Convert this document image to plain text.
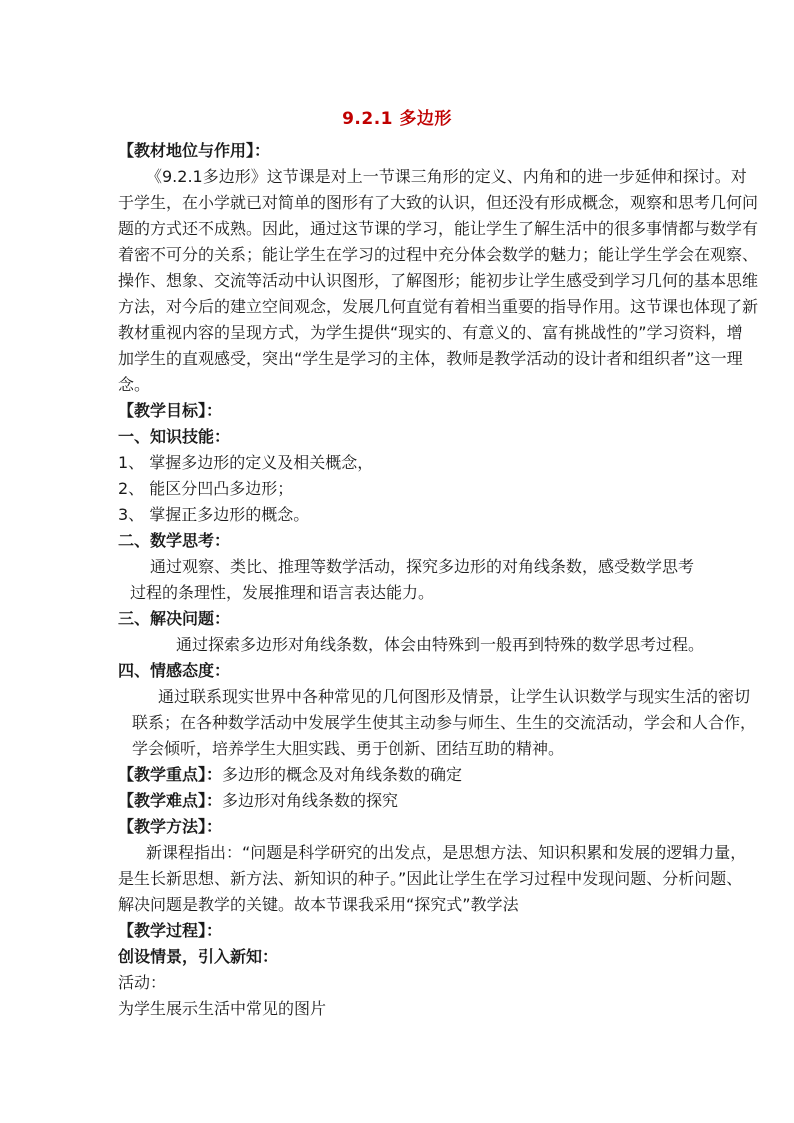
9.2.1 多边形
【教材地位与作用】：
《9.2.1多边形》这节课是对上一节课三角形的定义、内角和的进一步延伸和探讨。对
于学生，在小学就已对简单的图形有了大致的认识，但还没有形成概念，观察和思考几何问
题的方式还不成熟。因此，通过这节课的学习，能让学生了解生活中的很多事情都与数学有
着密不可分的关系；能让学生在学习的过程中充分体会数学的魅力；能让学生学会在观察、
操作、想象、交流等活动中认识图形，了解图形；能初步让学生感受到学习几何的基本思维
方法，对今后的建立空间观念，发展几何直觉有着相当重要的指导作用。这节课也体现了新
教材重视内容的呈现方式，为学生提供“现实的、有意义的、富有挑战性的”学习资料，增
加学生的直观感受，突出“学生是学习的主体，教师是教学活动的设计者和组织者”这一理
念。
【教学目标】：
一、知识技能：
1、 掌握多边形的定义及相关概念，
2、 能区分凹凸多边形；
3、 掌握正多边形的概念。
二、数学思考：
通过观察、类比、推理等数学活动，探究多边形的对角线条数，感受数学思考
过程的条理性，发展推理和语言表达能力。
三、解决问题：
通过探索多边形对角线条数，体会由特殊到一般再到特殊的数学思考过程。
四、情感态度：
通过联系现实世界中各种常见的几何图形及情景，让学生认识数学与现实生活的密切
联系；在各种数学活动中发展学生使其主动参与师生、生生的交流活动，学会和人合作，
学会倾听，培养学生大胆实践、勇于创新、团结互助的精神。
【教学重点】：多边形的概念及对角线条数的确定
【教学难点】：多边形对角线条数的探究
【教学方法】：
新课程指出：“问题是科学研究的出发点，是思想方法、知识积累和发展的逻辑力量，
是生长新思想、新方法、新知识的种子。”因此让学生在学习过程中发现问题、分析问题、
解决问题是教学的关键。故本节课我采用“探究式”教学法
【教学过程】：
创设情景，引入新知：
活动：
为学生展示生活中常见的图片
